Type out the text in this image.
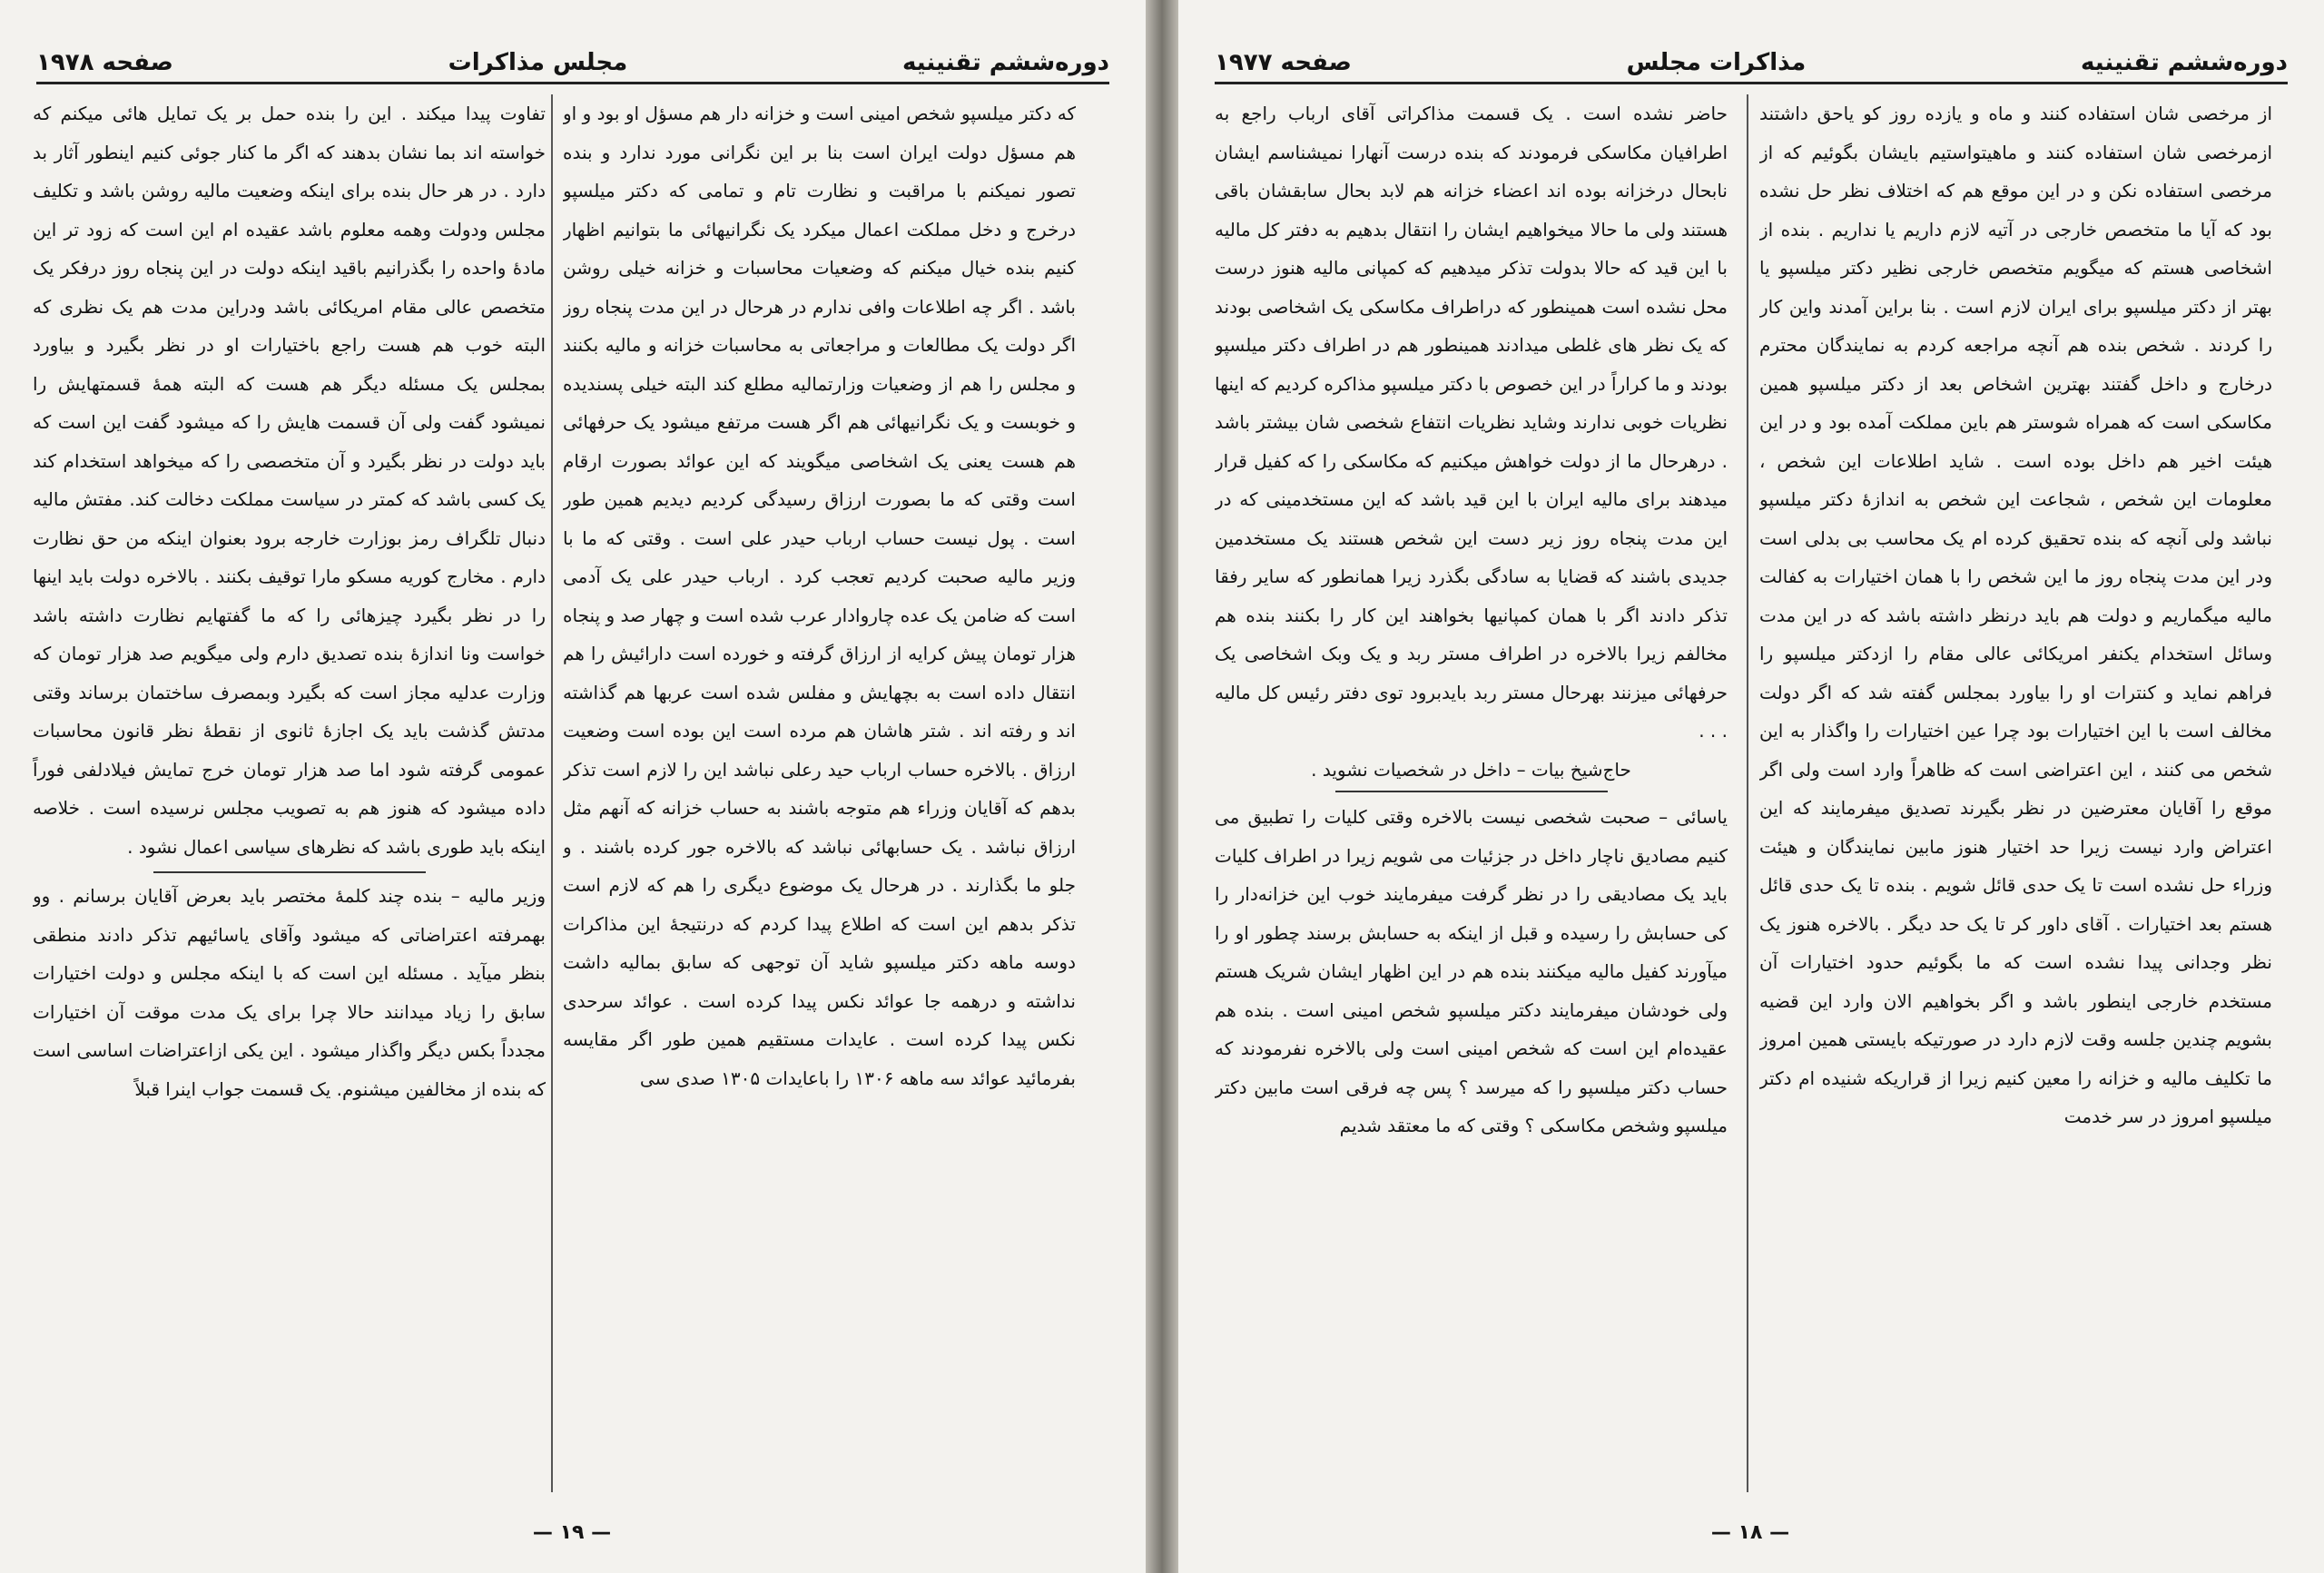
دوره‌ششم تقنینیه
مجلس مذاکرات
صفحه ۱۹۷۸

که دکتر میلسپو شخص امینی است و خزانه دار هم مسؤل او بود و او هم مسؤل دولت ایران است بنا بر این نگرانی مورد ندارد و بنده تصور نمیکنم با مراقبت و نظارت تام و تمامی که دکتر میلسپو درخرج و دخل مملکت اعمال میکرد یک نگرانیهائی ما بتوانیم اظهار کنیم بنده خیال میکنم که وضعیات محاسبات و خزانه خیلی روشن باشد . اگر چه اطلاعات وافی ندارم در هرحال در این مدت پنجاه روز اگر دولت یک مطالعات و مراجعاتی به محاسبات خزانه و مالیه بکنند و مجلس را هم از وضعیات وزارتمالیه مطلع کند البته خیلی پسندیده و خوبست و یک نگرانیهائی هم اگر هست مرتفع میشود یک حرفهائی هم هست یعنی یک اشخاصی میگویند که این عوائد بصورت ارقام است وقتی که ما بصورت ارزاق رسیدگی کردیم دیدیم همین طور است . پول نیست حساب ارباب حیدر علی است . وقتی که ما با وزیر مالیه صحبت کردیم تعجب کرد . ارباب حیدر علی یک آدمی است که ضامن یک عده چاروادار عرب شده است و چهار صد و پنجاه هزار تومان پیش کرایه از ارزاق گرفته و خورده است دارائیش را هم انتقال داده است به بچهایش و مفلس شده است عربها هم گذاشته اند و رفته اند . شتر هاشان هم مرده است این بوده است وضعیت ارزاق . بالاخره حساب ارباب حید رعلی نباشد این را لازم است تذکر بدهم که آقایان وزراء هم متوجه باشند به حساب خزانه که آنهم مثل ارزاق نباشد . یک حسابهائی نباشد که بالاخره جور کرده باشند . و جلو ما بگذارند . در هرحال یک موضوع دیگری را هم که لازم است تذکر بدهم این است که اطلاع پیدا کردم که درنتیجهٔ این مذاکرات دوسه ماهه دکتر میلسپو شاید آن توجهی که سابق بمالیه داشت نداشته و درهمه جا عوائد نکس پیدا کرده است . عوائد سرحدی نکس پیدا کرده است . عایدات مستقیم همین طور اگر مقایسه بفرمائید عوائد سه ماهه ۱۳۰۶ را باعایدات ۱۳۰۵ صدی سی

تفاوت پیدا میکند . این را بنده حمل بر یک تمایل هائی میکنم که خواسته اند بما نشان بدهند که اگر ما کنار جوئی کنیم اینطور آثار بد دارد . در هر حال بنده برای اینکه وضعیت مالیه روشن باشد و تکلیف مجلس ودولت وهمه معلوم باشد عقیده ام این است که زود تر این مادهٔ واحده را بگذرانیم باقید اینکه دولت در این پنجاه روز درفکر یک متخصص عالی مقام امریکائی باشد ودراین مدت هم یک نظری که البته خوب هم هست راجع باختیارات او در نظر بگیرد و بیاورد بمجلس یک مسئله دیگر هم هست که البته همهٔ قسمتهایش را نمیشود گفت ولی آن قسمت هایش را که میشود گفت این است که باید دولت در نظر بگیرد و آن متخصصی را که میخواهد استخدام کند یک کسی باشد که کمتر در سیاست مملکت دخالت کند. مفتش مالیه دنبال تلگراف رمز بوزارت خارجه برود بعنوان اینکه من حق نظارت دارم . مخارج کوریه مسکو مارا توقیف بکنند . بالاخره دولت باید اینها را در نظر بگیرد چیزهائی را که ما گفتهایم نظارت داشته باشد خواست ونا اندازهٔ بنده تصدیق دارم ولی میگویم صد هزار تومان که وزارت عدلیه مجاز است که بگیرد وبمصرف ساختمان برساند وقتی مدتش گذشت باید یک اجازهٔ ثانوی از نقطهٔ نظر قانون محاسبات عمومی گرفته شود اما صد هزار تومان خرج تمایش فیلادلفی فوراً داده میشود که هنوز هم به تصویب مجلس نرسیده است . خلاصه اینکه باید طوری باشد که نظرهای سیاسی اعمال نشود .

وزیر مالیه – بنده چند کلمهٔ مختصر باید بعرض آقایان برسانم . وو بهمرفته اعتراضاتی که میشود وآقای یاسائیهم تذکر دادند منطقی بنظر میآید . مسئله این است که با اینکه مجلس و دولت اختیارات سابق را زیاد میدانند حالا چرا برای یک مدت موقت آن اختیارات مجدداً بکس دیگر واگذار میشود . این یکی ازاعتراضات اساسی است که بنده از مخالفین میشنوم. یک قسمت جواب اینرا قبلاً

— ١٩ —
دوره‌ششم تقنینیه
مذاکرات مجلس
صفحه ۱۹۷۷

از مرخصی شان استفاده کنند و ماه و یازده روز کو یاحق داشتند ازمرخصی شان استفاده کنند و ماهیتواستیم بایشان بگوئیم که از مرخصی استفاده نکن و در این موقع هم که اختلاف نظر حل نشده بود که آیا ما متخصص خارجی در آتیه لازم داریم یا نداریم . بنده از اشخاصی هستم که میگویم متخصص خارجی نظیر دکتر میلسپو یا بهتر از دکتر میلسپو برای ایران لازم است . بنا براین آمدند واین کار را کردند . شخص بنده هم آنچه مراجعه کردم به نمایندگان محترم درخارج و داخل گفتند بهترین اشخاص بعد از دکتر میلسپو همین مکاسکی است که همراه شوستر هم باین مملکت آمده بود و در این هیئت اخیر هم داخل بوده است . شاید اطلاعات این شخص ، معلومات این شخص ، شجاعت این شخص به اندازهٔ دکتر میلسپو نباشد ولی آنچه که بنده تحقیق کرده ام یک محاسب بی بدلی است ودر این مدت پنجاه روز ما این شخص را با همان اختیارات به کفالت مالیه میگماریم و دولت هم باید درنظر داشته باشد که در این مدت وسائل استخدام یکنفر امریکائی عالی مقام را ازدکتر میلسپو را فراهم نماید و کنترات او را بیاورد بمجلس گفته شد که اگر دولت مخالف است با این اختیارات بود چرا عین اختیارات را واگذار به این شخص می کنند ، این اعتراضی است که ظاهراً وارد است ولی اگر موقع را آقایان معترضین در نظر بگیرند تصدیق میفرمایند که این اعتراض وارد نیست زیرا حد اختیار هنوز مابین نمایندگان و هیئت وزراء حل نشده است تا یک حدی قائل شویم . بنده تا یک حدی قائل هستم بعد اختیارات . آقای داور کر تا یک حد دیگر . بالاخره هنوز یک نظر وجدانی پیدا نشده است که ما بگوئیم حدود اختیارات آن مستخدم خارجی اینطور باشد و اگر بخواهیم الان وارد این قضیه بشویم چندین جلسه وقت لازم دارد در صورتیکه بایستی همین امروز ما تکلیف مالیه و خزانه را معین کنیم زیرا از قراریکه شنیده ام دکتر میلسپو امروز در سر خدمت

حاضر نشده است . یک قسمت مذاکراتی آقای ارباب راجع به اطرافیان مکاسکی فرمودند که بنده درست آنهارا نمیشناسم ایشان نابحال درخزانه بوده اند اعضاء خزانه هم لابد بحال سابقشان باقی هستند ولی ما حالا میخواهیم ایشان را انتقال بدهیم به دفتر کل مالیه با این قید که حالا بدولت تذکر میدهیم که کمپانی مالیه هنوز درست محل نشده است همینطور که دراطراف مکاسکی یک اشخاصی بودند که یک نظر های غلطی میدادند همینطور هم در اطراف دکتر میلسپو بودند و ما کراراً در این خصوص با دکتر میلسپو مذاکره کردیم که اینها نظریات خوبی ندارند وشاید نظریات انتفاع شخصی شان بیشتر باشد . درهرحال ما از دولت خواهش میکنیم که مکاسکی را که کفیل قرار میدهند برای مالیه ایران با این قید باشد که این مستخدمینی که در این مدت پنجاه روز زیر دست این شخص هستند یک مستخدمین جدیدی باشند که قضایا به سادگی بگذرد زیرا همانطور که سایر رفقا تذکر دادند اگر با همان کمپانیها بخواهند این کار را بکنند بنده هم مخالفم زیرا بالاخره در اطراف مستر ربد و یک وبک اشخاصی یک حرفهائی میزنند بهرحال مستر ربد بایدبرود توی دفتر رئیس کل مالیه . . .

حاج‌شیخ بیات – داخل در شخصیات نشوید .

یاسائی – صحبت شخصی نیست بالاخره وقتی کلیات را تطبیق می کنیم مصادیق ناچار داخل در جزئیات می شویم زیرا در اطراف کلیات باید یک مصادیقی را در نظر گرفت میفرمایند خوب این خزانه‌دار را کی حسابش را رسیده و قبل از اینکه به حسابش برسند چطور او را میآورند کفیل مالیه میکنند بنده هم در این اظهار ایشان شریک هستم ولی خودشان میفرمایند دکتر میلسپو شخص امینی است . بنده هم عقیده‌ام این است که شخص امینی است ولی بالاخره نفرمودند که حساب دکتر میلسپو را که میرسد ؟ پس چه فرقی است مابین دکتر میلسپو وشخص مکاسکی ؟ وقتی که ما معتقد شدیم

— ١٨ —
